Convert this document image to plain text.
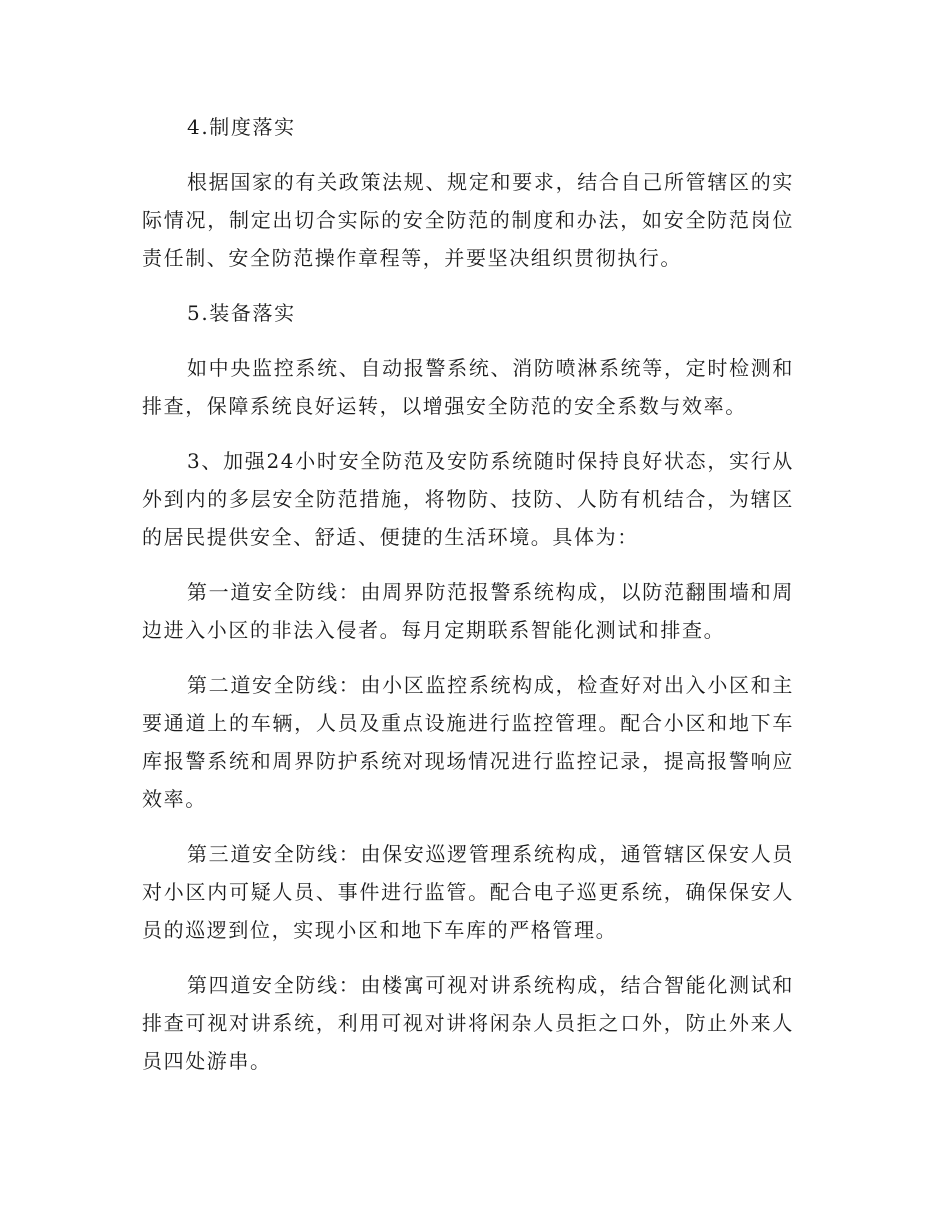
4.制度落实

根据国家的有关政策法规、规定和要求，结合自己所管辖区的实际情况，制定出切合实际的安全防范的制度和办法，如安全防范岗位责任制、安全防范操作章程等，并要坚决组织贯彻执行。

5.装备落实

如中央监控系统、自动报警系统、消防喷淋系统等，定时检测和排查，保障系统良好运转，以增强安全防范的安全系数与效率。

3、加强24小时安全防范及安防系统随时保持良好状态，实行从外到内的多层安全防范措施，将物防、技防、人防有机结合，为辖区的居民提供安全、舒适、便捷的生活环境。具体为：

第一道安全防线：由周界防范报警系统构成，以防范翻围墙和周边进入小区的非法入侵者。每月定期联系智能化测试和排查。

第二道安全防线：由小区监控系统构成，检查好对出入小区和主要通道上的车辆，人员及重点设施进行监控管理。配合小区和地下车库报警系统和周界防护系统对现场情况进行监控记录，提高报警响应效率。

第三道安全防线：由保安巡逻管理系统构成，通管辖区保安人员对小区内可疑人员、事件进行监管。配合电子巡更系统，确保保安人员的巡逻到位，实现小区和地下车库的严格管理。

第四道安全防线：由楼寓可视对讲系统构成，结合智能化测试和排查可视对讲系统，利用可视对讲将闲杂人员拒之口外，防止外来人员四处游串。
